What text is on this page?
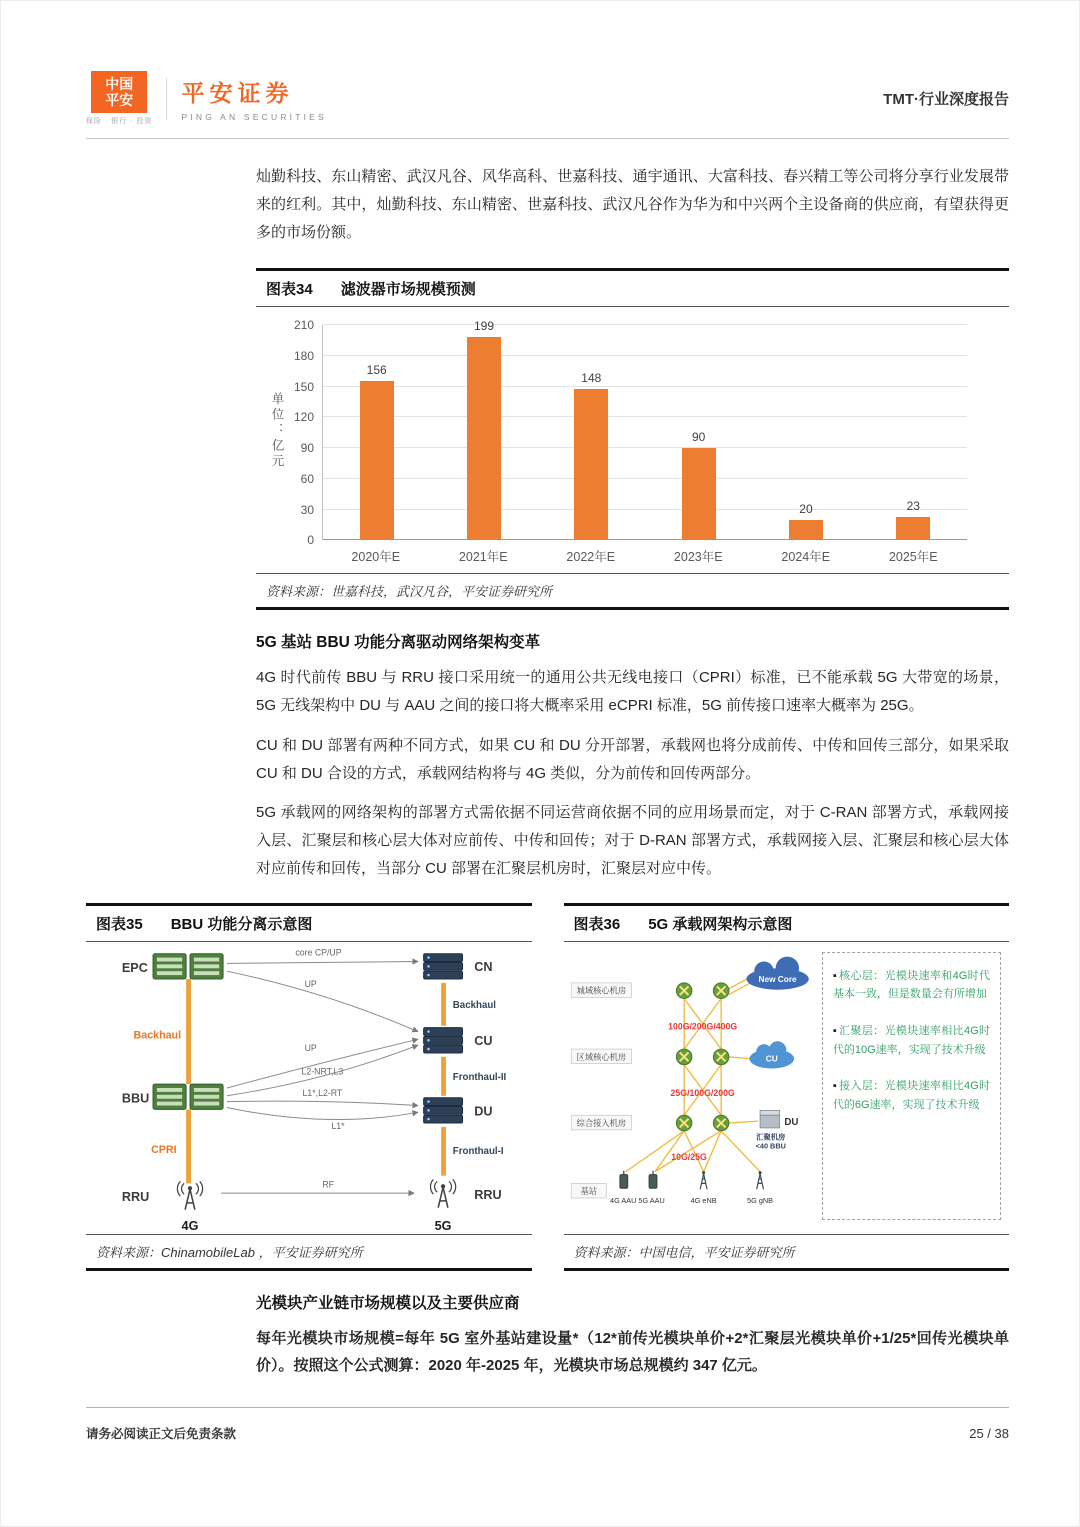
中国平安
保险 · 银行 · 投资
平安证券
PING AN SECURITIES
TMT·行业深度报告

灿勤科技、东山精密、武汉凡谷、风华高科、世嘉科技、通宇通讯、大富科技、春兴精工等公司将分享行业发展带来的红利。其中，灿勤科技、东山精密、世嘉科技、武汉凡谷作为华为和中兴两个主设备商的供应商，有望获得更多的市场份额。

图表34 滤波器市场规模预测
单位：亿元
0
30
60
90
120
150
180
210
156
199
148
90
20	23
2020年E	2021年E	2022年E	2023年E	2024年E	2025年E
资料来源：世嘉科技，武汉凡谷，平安证券研究所
5G 基站 BBU 功能分离驱动网络架构变革

4G 时代前传 BBU 与 RRU 接口采用统一的通用公共无线电接口（CPRI）标准，已不能承载 5G 大带宽的场景，5G 无线架构中 DU 与 AAU 之间的接口将大概率采用 eCPRI 标准，5G 前传接口速率大概率为 25G。

CU 和 DU 部署有两种不同方式，如果 CU 和 DU 分开部署，承载网也将分成前传、中传和回传三部分，如果采取 CU 和 DU 合设的方式，承载网结构将与 4G 类似，分为前传和回传两部分。

5G 承载网的网络架构的部署方式需依据不同运营商依据不同的应用场景而定，对于 C-RAN 部署方式，承载网接入层、汇聚层和核心层大体对应前传、中传和回传；对于 D-RAN 部署方式，承载网接入层、汇聚层和核心层大体对应前传和回传，当部分 CU 部署在汇聚层机房时，汇聚层对应中传。

图表35 BBU 功能分离示意图
EPC
Backhaul
BBU
CPRI
RRU
4G
CN
Backhaul
CU
Fronthaul-II
DU
Fronthaul-I
RRU
5G
core CP/UP
UP
UP
L2-NRT,L3
L1*,L2-RT
L1*
RF
资料来源：ChinamobileLab ，平安证券研究所
图表36 5G 承载网架构示意图
城域核心机房
区域核心机房
综合接入机房
基站
New Core
CU
DU
汇聚机房
<40 BBU
100G/200G/400G
25G/100G/200G
10G/25G
4G AAU 5G AAU	4G eNB	5G gNB
▪ 核心层：光模块速率和4G时代基本一致，但是数量会有所增加
▪ 汇聚层：光模块速率相比4G时代的10G速率，实现了技术升级
▪ 接入层：光模块速率相比4G时代的6G速率，实现了技术升级
资料来源：中国电信，平安证券研究所
光模块产业链市场规模以及主要供应商

每年光模块市场规模=每年 5G 室外基站建设量*（12*前传光模块单价+2*汇聚层光模块单价+1/25*回传光模块单价）。按照这个公式测算：2020 年-2025 年，光模块市场总规模约 347 亿元。

请务必阅读正文后免责条款	25 / 38
